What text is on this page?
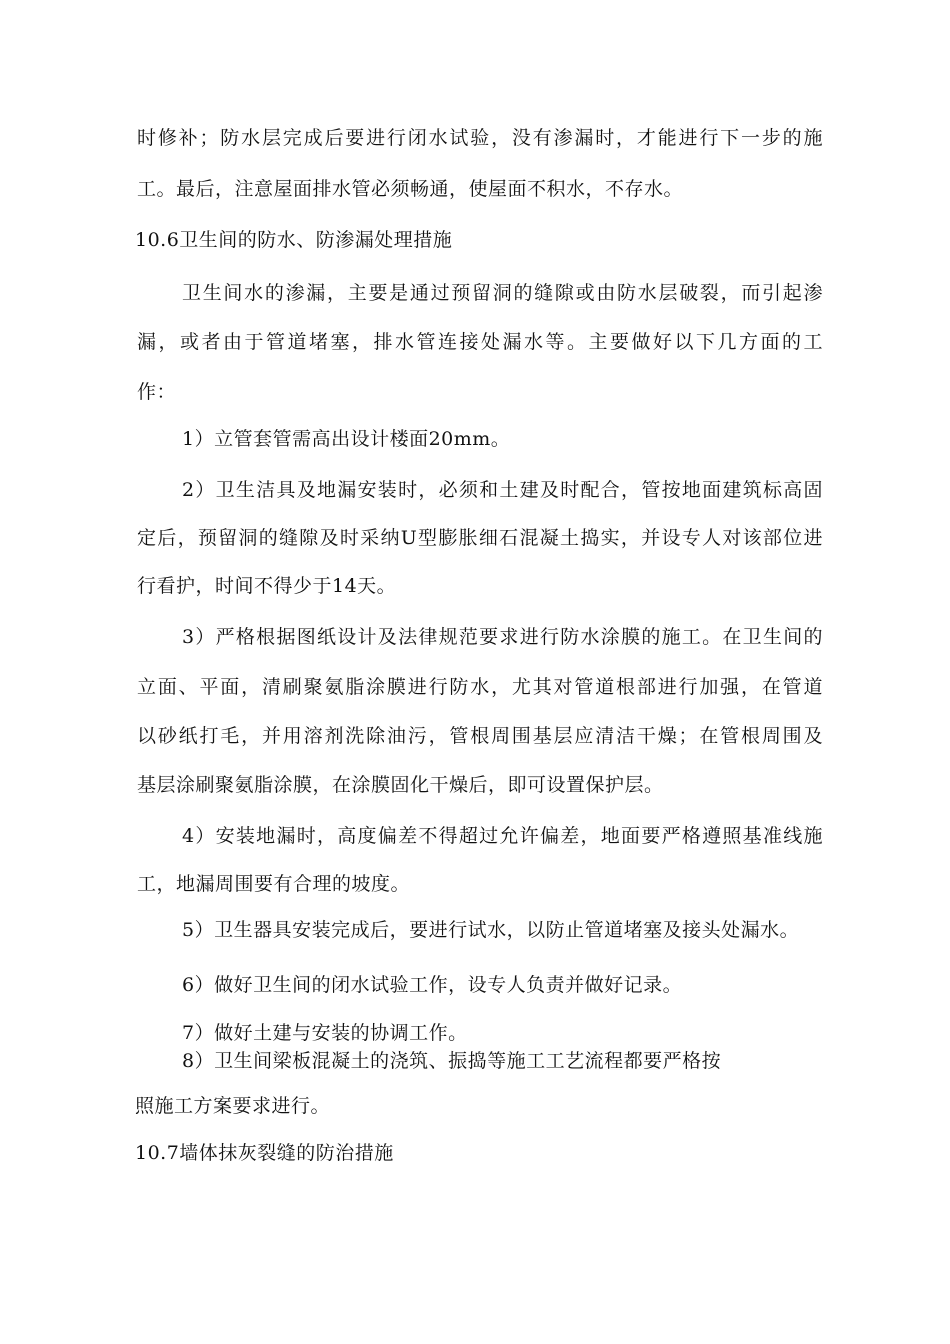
时修补；防水层完成后要进行闭水试验，没有渗漏时，才能进行下一步的施
工。最后，注意屋面排水管必须畅通，使屋面不积水，不存水。
10.6卫生间的防水、防渗漏处理措施
卫生间水的渗漏，主要是通过预留洞的缝隙或由防水层破裂，而引起渗
漏，或者由于管道堵塞，排水管连接处漏水等。主要做好以下几方面的工
作：
1）立管套管需高出设计楼面20mm。
2）卫生洁具及地漏安装时，必须和土建及时配合，管按地面建筑标高固
定后，预留洞的缝隙及时采纳U型膨胀细石混凝土捣实，并设专人对该部位进
行看护，时间不得少于14天。
3）严格根据图纸设计及法律规范要求进行防水涂膜的施工。在卫生间的
立面、平面，清刷聚氨脂涂膜进行防水，尤其对管道根部进行加强，在管道
以砂纸打毛，并用溶剂洗除油污，管根周围基层应清洁干燥；在管根周围及
基层涂刷聚氨脂涂膜，在涂膜固化干燥后，即可设置保护层。
4）安装地漏时，高度偏差不得超过允许偏差，地面要严格遵照基准线施
工，地漏周围要有合理的坡度。
5）卫生器具安装完成后，要进行试水，以防止管道堵塞及接头处漏水。
6）做好卫生间的闭水试验工作，设专人负责并做好记录。
7）做好土建与安装的协调工作。
8）卫生间梁板混凝土的浇筑、振捣等施工工艺流程都要严格按
照施工方案要求进行。
10.7墙体抹灰裂缝的防治措施
